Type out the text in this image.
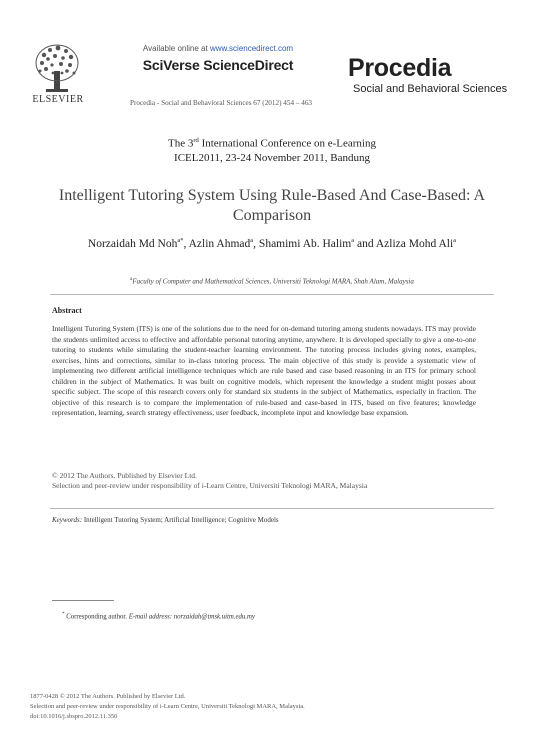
ELSEVIER
Available online at www.sciencedirect.com
SciVerse ScienceDirect	Procedia
Social and Behavioral Sciences
Procedia - Social and Behavioral Sciences 67 (2012) 454 – 463
The 3rd International Conference on e-Learning
ICEL2011, 23-24 November 2011, Bandung
Intelligent Tutoring System Using Rule-Based And Case-Based: A Comparison
Norzaidah Md Noh$^{a*}$, Azlin Ahmad$^a$, Shamimi Ab. Halim$^a$ and Azliza Mohd Ali$^a$
$^a$Faculty of Computer and Mathematical Sciences, Universiti Teknologi MARA, Shah Alam, Malaysia
Abstract
Intelligent Tutoring System (ITS) is one of the solutions due to the need for on-demand tutoring among students nowadays. ITS may provide the students unlimited access to effective and affordable personal tutoring anytime, anywhere. It is developed specially to give a one-to-one tutoring to students while simulating the student-teacher learning environment. The tutoring process includes giving notes, examples, exercises, hints and corrections, similar to in-class tutoring process. The main objective of this study is provide a systematic view of implementing two different artificial intelligence techniques which are rule based and case based reasoning in an ITS for primary school children in the subject of Mathematics. It was built on cognitive models, which represent the knowledge a student might posses about specific subject. The scope of this research covers only for standard six students in the subject of Mathematics, especially in fraction. The objective of this research is to compare the implementation of rule-based and case-based in ITS, based on five features; knowledge representation, learning, search strategy effectiveness, user feedback, incomplete input and knowledge base expansion.
© 2012 The Authors. Published by Elsevier Ltd.
Selection and peer-review under responsibility of i-Learn Centre, Universiti Teknologi MARA, Malaysia
Keywords: Intelligent Tutoring System; Artificial Intelligence; Cognitive Models
* Corresponding author. E-mail address: norzaidah@tmsk.uitm.edu.my
1877-0428 © 2012 The Authors. Published by Elsevier Ltd.
Selection and peer-review under responsibility of i-Learn Centre, Universiti Teknologi MARA, Malaysia.
doi:10.1016/j.sbspro.2012.11.350
